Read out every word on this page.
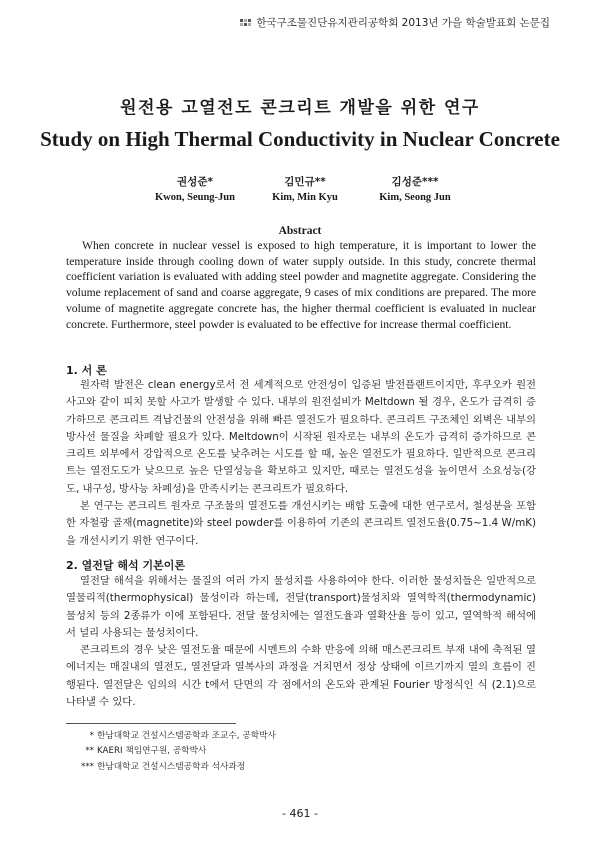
한국구조물진단유지관리공학회 2013년 가을 학술발표회 논문집
원전용 고열전도 콘크리트 개발을 위한 연구
Study on High Thermal Conductivity in Nuclear Concrete
권성준*
Kwon, Seung-Jun
김민규**
Kim, Min Kyu
김성준***
Kim, Seong Jun
Abstract
When concrete in nuclear vessel is exposed to high temperature, it is important to lower the temperature inside through cooling down of water supply outside. In this study, concrete thermal coefficient variation is evaluated with adding steel powder and magnetite aggregate. Considering the volume replacement of sand and coarse aggregate, 9 cases of mix conditions are prepared. The more volume of magnetite aggregate concrete has, the higher thermal coefficient is evaluated in nuclear concrete. Furthermore, steel powder is evaluated to be effective for increase thermal coefficient.
1. 서 론

원자력 발전은 clean energy로서 전 세계적으로 안전성이 입증된 발전플랜트이지만, 후쿠오카 원전사고와 같이 피치 못할 사고가 발생할 수 있다. 내부의 원전설비가 Meltdown 될 경우, 온도가 급격히 증가하므로 콘크리트 격납건물의 안전성을 위해 빠른 열전도가 필요하다. 콘크리트 구조체인 외벽은 내부의 방사선 물질을 차폐할 필요가 있다. Meltdown이 시작된 원자로는 내부의 온도가 급격히 증가하므로 콘크리트 외부에서 강압적으로 온도를 낮추려는 시도를 할 때, 높은 열전도가 필요하다. 일반적으로 콘크리트는 열전도도가 낮으므로 높은 단열성능을 확보하고 있지만, 때로는 열전도성을 높이면서 소요성능(강도, 내구성, 방사능 차폐성)을 만족시키는 콘크리트가 필요하다.

본 연구는 콘크리트 원자로 구조물의 열전도를 개선시키는 배합 도출에 대한 연구로서, 철성분을 포함한 자철광 골재(magnetite)와 steel powder를 이용하여 기존의 콘크리트 열전도율(0.75~1.4 W/mK)을 개선시키기 위한 연구이다.

2. 열전달 해석 기본이론

열전달 해석을 위해서는 물질의 여러 가지 물성치를 사용하여야 한다. 이러한 물성치들은 일반적으로 열물리적(thermophysical) 물성이라 하는데, 전달(transport)물성치와 열역학적(thermodynamic) 물성치 등의 2종류가 이에 포함된다. 전달 물성치에는 열전도율과 열확산율 등이 있고, 열역학적 해석에서 널리 사용되는 물성치이다.

콘크리트의 경우 낮은 열전도율 때문에 시멘트의 수화 반응에 의해 매스콘크리트 부재 내에 축적된 열에너지는 매질내의 열전도, 열전달과 열복사의 과정을 거치면서 정상 상태에 이르기까지 열의 흐름이 진행된다. 열전달은 임의의 시간 t에서 단면의 각 점에서의 온도와 관계된 Fourier 방정식인 식 (2.1)으로 나타낼 수 있다.

* 한남대학교 건설시스템공학과 조교수, 공학박사
** KAERI 책임연구원, 공학박사
*** 한남대학교 건설시스템공학과 석사과정
- 461 -
